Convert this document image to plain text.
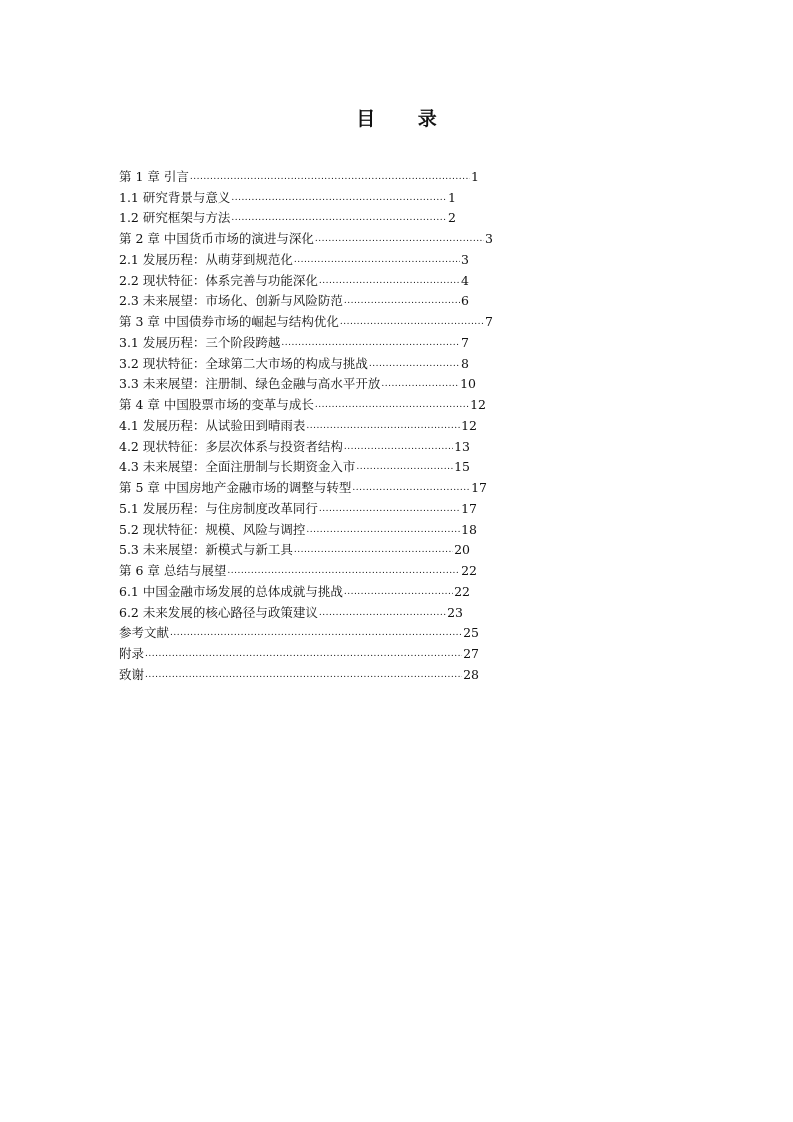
目 录
第 1 章 引言 .....	1
1.1 研究背景与意义 .....	1
1.2 研究框架与方法 .....	2
第 2 章 中国货币市场的演进与深化 .....	3
2.1 发展历程：从萌芽到规范化 .....	3
2.2 现状特征：体系完善与功能深化 .....	4
2.3 未来展望：市场化、创新与风险防范 .....	6
第 3 章 中国债券市场的崛起与结构优化 .....	7
3.1 发展历程：三个阶段跨越 .....	7
3.2 现状特征：全球第二大市场的构成与挑战 .....	8
3.3 未来展望：注册制、绿色金融与高水平开放 .....	10
第 4 章 中国股票市场的变革与成长 .....	12
4.1 发展历程：从试验田到晴雨表 .....	12
4.2 现状特征：多层次体系与投资者结构 .....	13
4.3 未来展望：全面注册制与长期资金入市 .....	15
第 5 章 中国房地产金融市场的调整与转型 .....	17
5.1 发展历程：与住房制度改革同行 .....	17
5.2 现状特征：规模、风险与调控 .....	18
5.3 未来展望：新模式与新工具 .....	20
第 6 章 总结与展望 .....	22
6.1 中国金融市场发展的总体成就与挑战 .....	22
6.2 未来发展的核心路径与政策建议 .....	23
参考文献 .....	25
附录 .....	27
致谢 .....	28
